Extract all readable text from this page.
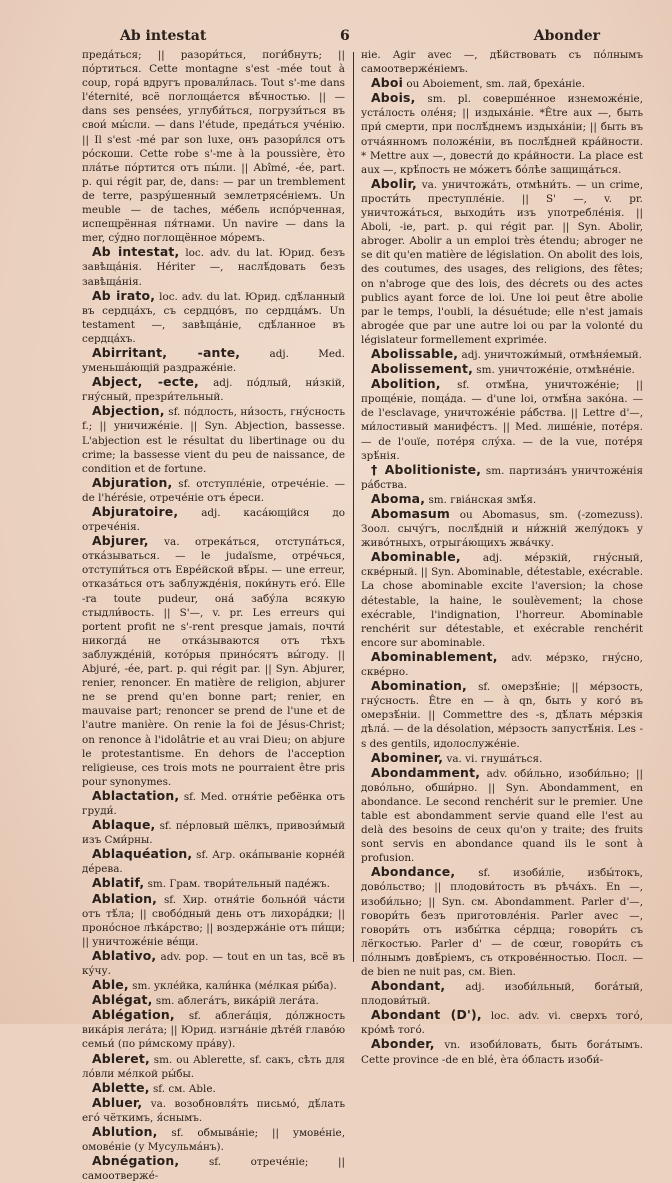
Ab intestat	6	Abonder

предáться; || разори́ться, поги́бнуть; || пóртиться. Cette montagne s'est -mée tout à coup, горá вдругъ провали́лась. Tout s'-me dans l'éternité, всё поглощáется вѣ́чностью. || — dans ses pensées, углуби́ться, погрузи́ться въ свои́ мы́сли. — dans l'étude, предáться учéнiю. || Il s'est -mé par son luxe, онъ разори́лся отъ рóскоши. Cette robe s'-me à la poussière, ѐто плáтье пóртится отъ пы́ли. || Abîmé, -ée, part. p. qui régit par, de, dans: — par un tremblement de terre, разру́шенный землетрясéнiемъ. Un meuble — de taches, мéбель испóрченная, испещрённая пя́тнами. Un navire — dans la mer, су́дно поглощённое мóремъ.

Ab intestat, loc. adv. du lat. Юрид. безъ завѣщáнiя. Hériter —, наслѣ́довать безъ завѣщáнiя.

Ab irato, loc. adv. du lat. Юрид. сдѣ́ланный въ сердцáхъ, съ сердцóвъ, по сердцáмъ. Un testament —, завѣщáнiе, сдѣ́ланное въ сердцáхъ.

Abirritant, -ante, adj. Med. уменьшáющiй раздражéнiе.

Abject, -ecte, adj. пóдлый, ни́зкiй, гну́сный, презри́тельный.

Abjection, sf. пóдлость, ни́зость, гну́сность f.; || уничижéнiе. || Syn. Abjection, bassesse. L'abjection est le résultat du libertinage ou du crime; la bassesse vient du peu de naissance, de condition et de fortune.

Abjuration, sf. отступлéнiе, отречéнiе. — de l'hérésie, отречéнiе отъ éреси.

Abjuratoire, adj. касáющiйся до отречéнiя.

Abjurer, va. отрекáться, отступáться, откáзываться. — le judaïsme, отрéчься, отступи́ться отъ Еврéйской вѣ́ры. — une erreur, отказáться отъ заблуждéнiя, поки́нуть егó. Elle -ra toute pudeur, онá забу́ла всякую стыдли́вость. || S'—, v. pr. Les erreurs qui portent profit ne s'-rent presque jamais, почти́ никогдá не откáзываются отъ тѣхъ заблуждéнiй, котóрыя принóсятъ вы́году. || Abjuré, -ée, part. p. qui régit par. || Syn. Abjurer, renier, renoncer. En matière de religion, abjurer ne se prend qu'en bonne part; renier, en mauvaise part; renoncer se prend de l'une et de l'autre manière. On renie la foi de Jésus-Christ; on renonce à l'idolâtrie et au vrai Dieu; on abjure le protestantisme. En dehors de l'acception religieuse, ces trois mots ne pourraient être pris pour synonymes.

Ablactation, sf. Med. отня́тiе ребёнка отъ груди́.

Ablaque, sf. пéрловый шёлкъ, привози́мый изъ Сми́рны.

Ablaquéation, sf. Агр. окáпыванiе корнéй дéрева.

Ablatif, sm. Грам. твори́тельный падéжъ.

Ablation, sf. Хир. отня́тiе больнóй чáсти отъ тѣ́ла; || свобóдный день отъ лихорáдки; || пронóсное лѣкáрство; || воздержáнiе отъ пи́щи; || уничтожéнiе вéщи.

Ablativo, adv. pop. — tout en un tas, всё въ ку́чу.

Able, sm. уклéйка, кали́нка (мéлкая ры́ба).

Ablégat, sm. аблегáтъ, викáрiй легáта.

Ablégation, sf. аблегáцiя, дóлжность викáрiя легáта; || Юрид. изгнáнiе дѣтéй главóю семьи́ (по ри́мскому прáву).

Ableret, sm. ou Ablerette, sf. сакъ, сѣть для лóвли мéлкой ры́бы.

Ablette, sf. см. Able.

Abluer, va. возобновля́ть письмó, дѣ́лать егó чёткимъ, я́снымъ.

Ablution, sf. обмывáнiе; || умовéнiе, омовéнiе (у Мусульмáнъ).

Abnégation, sf. отречéнiе; || самоотвержé-

нiе. Agir avec —, дѣ́йствовать съ пóлнымъ самоотвержéнiемъ.

Aboi ou Aboiement, sm. лай, брехáнiе.

Abois, sm. pl. совершéнное изнеможéнiе, устáлость олéня; || издыхáнiе. *Être aux —, быть при́ смерти, при послѣ́днемъ издыхáнiи; || быть въ отчáянномъ положéнiи, въ послѣ́дней крáйности. * Mettre aux —, довести́ до крáйности. La place est aux —, крѣ́пость не мóжетъ бóлѣе защищáться.

Abolir, va. уничтожáть, отмѣни́ть. — un crime, прости́ть преступлéнiе. || S' —, v. pr. уничтожáться, выходи́ть изъ употреблéнiя. || Aboli, -ie, part. p. qui régit par. || Syn. Abolir, abroger. Abolir a un emploi très étendu; abroger ne se dit qu'en matière de législation. On abolit des lois, des coutumes, des usages, des religions, des fêtes; on n'abroge que des lois, des décrets ou des actes publics ayant force de loi. Une loi peut être abolie par le temps, l'oubli, la désuétude; elle n'est jamais abrogée que par une autre loi ou par la volonté du législateur formellement exprimée.

Abolissable, adj. уничтожи́мый, отмѣня́емый.

Abolissement, sm. уничтожéнiе, отмѣнéнiе.

Abolition, sf. отмѣ́на, уничтожéнiе; || прощéнiе, пощáда. — d'une loi, отмѣ́на закóна. — de l'esclavage, уничтожéнiе рáбства. || Lettre d'—, ми́лостивый манифéстъ. || Med. лишéнiе, потéря. — de l'ouïe, потéря слу́ха. — de la vue, потéря зрѣ́нiя.

† Abolitioniste, sm. партизáнъ уничтожéнiя рáбства.

Aboma, sm. гвiáнская змѣ́я.

Abomasum ou Abomasus, sm. (-zomezuss). Зоол. сычу́гъ, послѣ́днiй и ни́жнiй желу́докъ у живóтныхъ, отрыгáющихъ жвáчку.

Abominable, adj. мéрзкiй, гну́сный, сквéрный. || Syn. Abominable, détestable, exécrable. La chose abominable excite l'aversion; la chose détestable, la haine, le soulèvement; la chose exécrable, l'indignation, l'horreur. Abominable renchérit sur détestable, et exécrable renchérit encore sur abominable.

Abominablement, adv. мéрзко, гну́сно, сквéрно.

Abomination, sf. омерзѣ́нiе; || мéрзость, гну́сность. Être en — à qn, быть у когó въ омерзѣ́нiи. || Commettre des -s, дѣ́лать мéрзкiя дѣлá. — de la désolation, мéрзость запустѣ́нiя. Les -s des gentils, идолослужéнiе.

Abominer, va. vi. гнушáться.

Abondamment, adv. оби́льно, изоби́льно; || довóльно, обши́рно. || Syn. Abondamment, en abondance. Le second renchérit sur le premier. Une table est abondamment servie quand elle l'est au delà des besoins de ceux qu'on y traite; des fruits sont servis en abondance quand ils le sont à profusion.

Abondance, sf. изоби́лiе, избы́токъ, довóльство; || плодови́тость въ рѣчáхъ. En —, изоби́льно; || Syn. см. Abondamment. Parler d'—, говори́ть безъ приготовлéнiя. Parler avec —, говори́ть отъ избы́тка сéрдца; говори́ть съ лёгкостью. Parler d' — de cœur, говори́ть съ пóлнымъ довѣ́рiемъ, съ откровéнностью. Посл. — de bien ne nuit pas, см. Bien.

Abondant, adj. изоби́льный, богáтый, плодови́тый.

Abondant (D'), loc. adv. vi. сверхъ тогó, крóмѣ тогó.

Abonder, vn. изоби́ловать, быть богáтымъ. Cette province -de en blé, ѐта óбласть изоби́-
